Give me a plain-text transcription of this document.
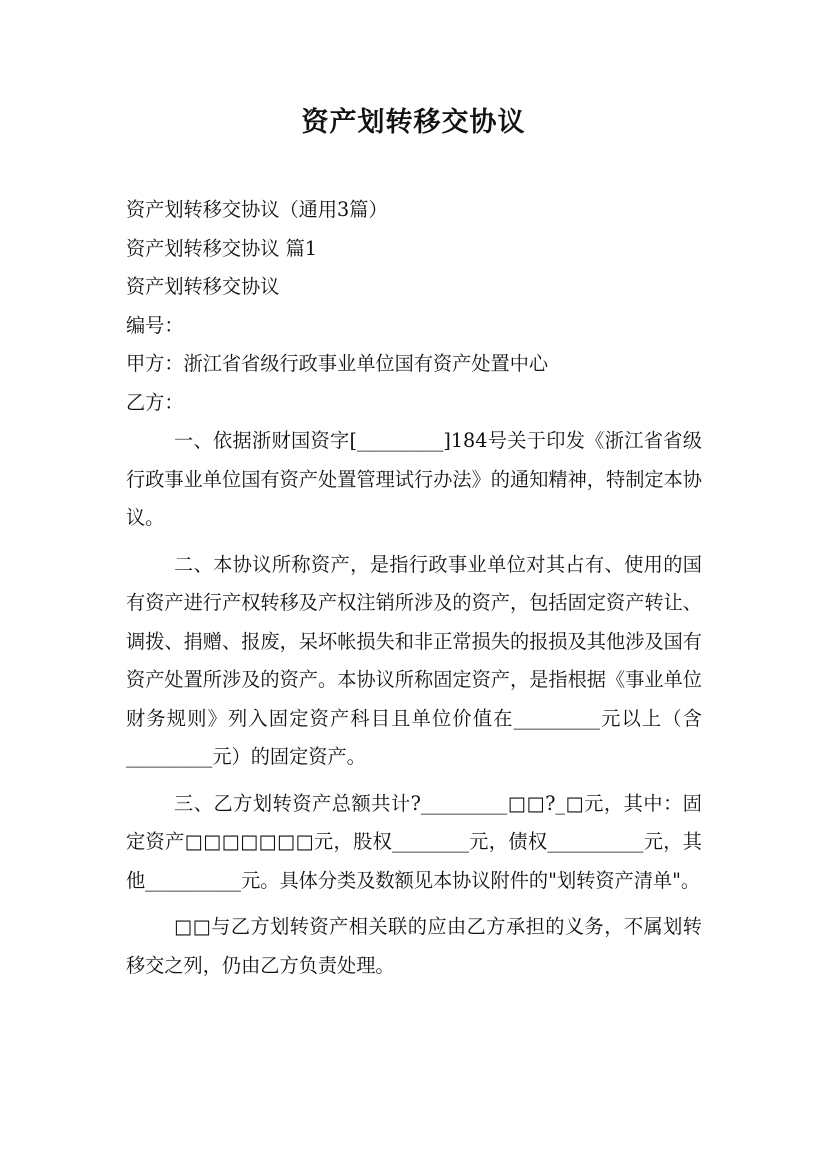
资产划转移交协议

资产划转移交协议（通用3篇）

资产划转移交协议 篇1

资产划转移交协议

编号：

甲方：浙江省省级行政事业单位国有资产处置中心

乙方：

一、依据浙财国资字[_________]184号关于印发《浙江省省级行政事业单位国有资产处置管理试行办法》的通知精神，特制定本协议。

二、本协议所称资产，是指行政事业单位对其占有、使用的国有资产进行产权转移及产权注销所涉及的资产，包括固定资产转让、调拨、捐赠、报废，呆坏帐损失和非正常损失的报损及其他涉及国有资产处置所涉及的资产。本协议所称固定资产，是指根据《事业单位财务规则》列入固定资产科目且单位价值在_________元以上（含_________元）的固定资产。

三、乙方划转资产总额共计?_________□□?_□元，其中：固定资产□□□□□□□元，股权________元，债权__________元，其他__________元。具体分类及数额见本协议附件的"划转资产清单"。

□□与乙方划转资产相关联的应由乙方承担的义务，不属划转移交之列，仍由乙方负责处理。
